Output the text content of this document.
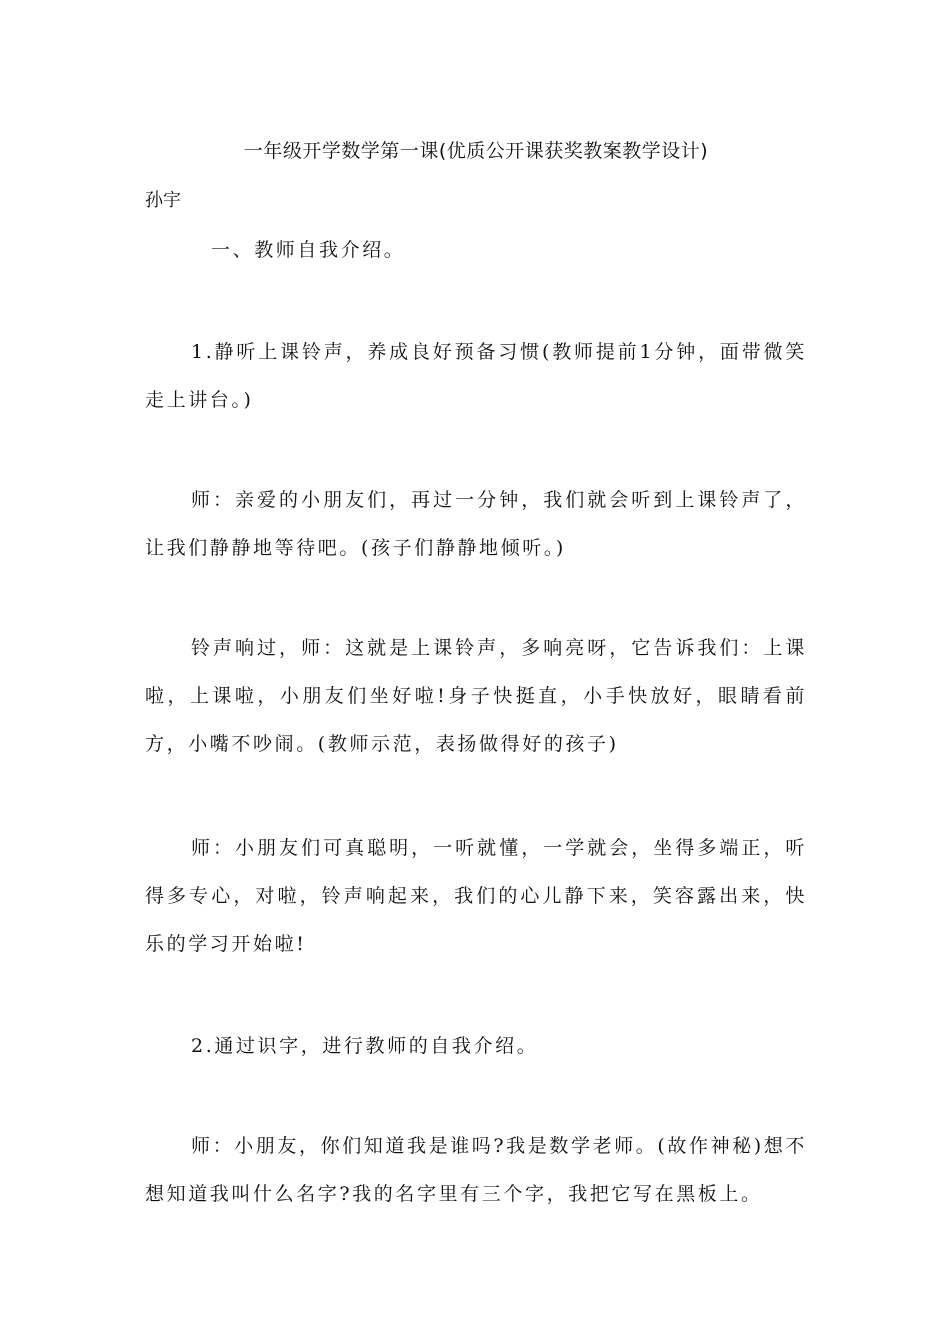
一年级开学数学第一课(优质公开课获奖教案教学设计)
孙宇

一、教师自我介绍。

1.静听上课铃声，养成良好预备习惯(教师提前1分钟，面带微笑走上讲台。)

师：亲爱的小朋友们，再过一分钟，我们就会听到上课铃声了，让我们静静地等待吧。(孩子们静静地倾听。)

铃声响过，师：这就是上课铃声，多响亮呀，它告诉我们：上课啦，上课啦，小朋友们坐好啦!身子快挺直，小手快放好，眼睛看前方，小嘴不吵闹。(教师示范，表扬做得好的孩子)

师：小朋友们可真聪明，一听就懂，一学就会，坐得多端正，听得多专心，对啦，铃声响起来，我们的心儿静下来，笑容露出来，快乐的学习开始啦!

2.通过识字，进行教师的自我介绍。

师：小朋友，你们知道我是谁吗?我是数学老师。(故作神秘)想不想知道我叫什么名字?我的名字里有三个字，我把它写在黑板上。
